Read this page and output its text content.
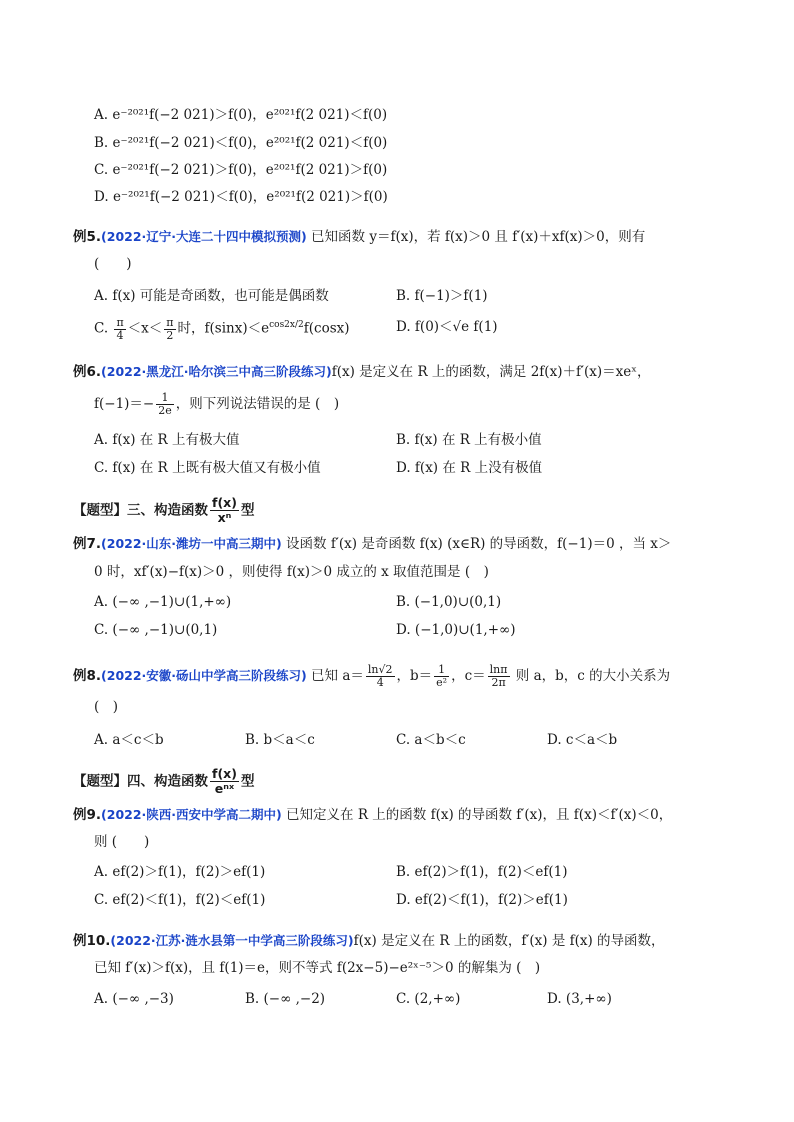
A. e⁻²⁰²¹f(−2 021)＞f(0)，e²⁰²¹f(2 021)＜f(0)
B. e⁻²⁰²¹f(−2 021)＜f(0)，e²⁰²¹f(2 021)＜f(0)
C. e⁻²⁰²¹f(−2 021)＞f(0)，e²⁰²¹f(2 021)＞f(0)
D. e⁻²⁰²¹f(−2 021)＜f(0)，e²⁰²¹f(2 021)＞f(0)
例5.(2022·辽宁·大连二十四中模拟预测) 已知函数 y＝f(x)，若 f(x)＞0 且 f′(x)＋xf(x)＞0，则有
(　　)
A. f(x) 可能是奇函数，也可能是偶函数	B. f(−1)＞f(1)
C. $\frac{\pi}{4} <x< \frac{\pi}{2}$ 时，$f(\sin x)<e^{cos2x/2}f(\cos x)$	D. f(0)＜√e f(1)
例6.(2022·黑龙江·哈尔滨三中高三阶段练习)f(x) 是定义在 R 上的函数，满足 2f(x)＋f′(x)＝xeˣ，
$f(-1)=- \frac{1}{2e}$ ，则下列说法错误的是 (　)
A. f(x) 在 R 上有极大值	B. f(x) 在 R 上有极小值
C. f(x) 在 R 上既有极大值又有极小值	D. f(x) 在 R 上没有极值
【题型】三、构造函数 $\frac{f(x)}{\text{xⁿ}}$ 型
例7.(2022·山东·潍坊一中高三期中) 设函数 f′(x) 是奇函数 f(x) (x∈R) 的导函数，f(−1)＝0 ，当 x＞
0 时，xf′(x)−f(x)＞0 ，则使得 f(x)＞0 成立的 x 取值范围是 (　)
A. (−∞ ,−1)∪(1,+∞)	B. (−1,0)∪(0,1)
C. (−∞ ,−1)∪(0,1)	D. (−1,0)∪(1,+∞)
例8.(2022·安徽·砀山中学高三阶段练习) 已知 $a= \frac{\ln√2}{4}$ ，$b= \frac{1}{\text{e²}}$ ，$c= \frac{\ln\pi}{2\pi}$ 则 a，b，c 的大小关系为
(　)
A. a＜c＜b	B. b＜a＜c	C. a＜b＜c	D. c＜a＜b
【题型】四、构造函数 $\frac{f(x)}{\text{eⁿˣ}}$ 型
例9.(2022·陕西·西安中学高二期中) 已知定义在 R 上的函数 f(x) 的导函数 f′(x)，且 f(x)＜f′(x)＜0，
则 (　　)
A. ef(2)＞f(1)，f(2)＞ef(1)	B. ef(2)＞f(1)，f(2)＜ef(1)
C. ef(2)＜f(1)，f(2)＜ef(1)	D. ef(2)＜f(1)，f(2)＞ef(1)
例10.(2022·江苏·涟水县第一中学高三阶段练习)f(x) 是定义在 R 上的函数，f′(x) 是 f(x) 的导函数，
已知 f′(x)＞f(x)，且 f(1)＝e，则不等式 f(2x−5)−e²ˣ⁻⁵＞0 的解集为 (　)
A. (−∞ ,−3)	B. (−∞ ,−2)	C. (2,+∞)	D. (3,+∞)
